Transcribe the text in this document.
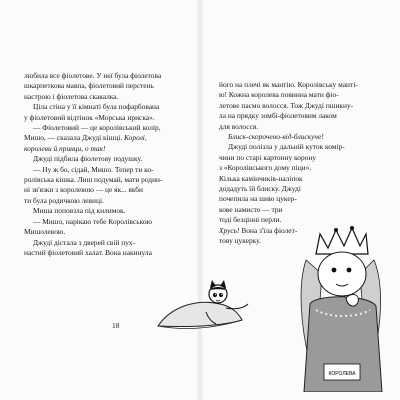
любила все фіолетове. У неї була фіолетова
шкарпеткова мавпа, фіолетовий перстень
настрою і фіолетова скакалка.
Ціла стіна у її кімнаті була пофарбована
у фіолетовий відтінок «Морська ириска».
— Фіолетовий — це королівський колір,
Мишо, — сказала Джуді кішці. Королі,
королеви й принци, о так!
Джуді підбила фіолетову подушку.
— Ну ж бо, сідай, Мишо. Тепер ти ко-
ролівська кішка. Лиш подумай, мати родин-
ні зв'язки з королевою — це як... якби
ти була родичкою левиці.
Миша поповзла під килимок.
— Мишо, нарікаю тебе Королівською
Мишолевою.
Джуді дістала з дверей свій пух-
настий фіолетовий халат. Вона накинула
18
його на плечі як мантію. Королівську манті-
ю! Кожна королева повинна мати фіо-
летове пасмо волосся. Тож Джуді пшикну-
ла на прядку зомбі-фіолетовим лаком
для волосся.
Блиск-скорочено-від-блискуче!
Джуді полізла у дальній куток комір-
чини по старі картонну корону
з «Королівського дому піци».
Кілька камінчиків-наліпок
додадуть їй блиску. Джуді
почепила на шию цукер-
кове намисто — три
тоді безцінні перли.
Хрусь! Вона з'їла фіолет-
тову цукерку.
КОРОЛЕВА
